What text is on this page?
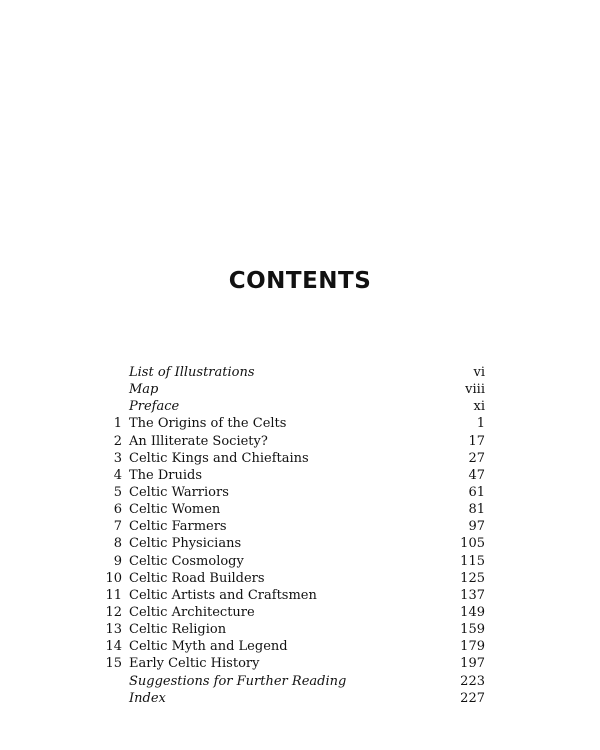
CONTENTS
List of Illustrations	vi
Map	viii
Preface	xi
1 The Origins of the Celts	1
2 An Illiterate Society?	17
3 Celtic Kings and Chieftains	27
4 The Druids	47
5 Celtic Warriors	61
6 Celtic Women	81
7 Celtic Farmers	97
8 Celtic Physicians	105
9 Celtic Cosmology	115
10 Celtic Road Builders	125
11 Celtic Artists and Craftsmen	137
12 Celtic Architecture	149
13 Celtic Religion	159
14 Celtic Myth and Legend	179
15 Early Celtic History	197
Suggestions for Further Reading	223
Index	227
